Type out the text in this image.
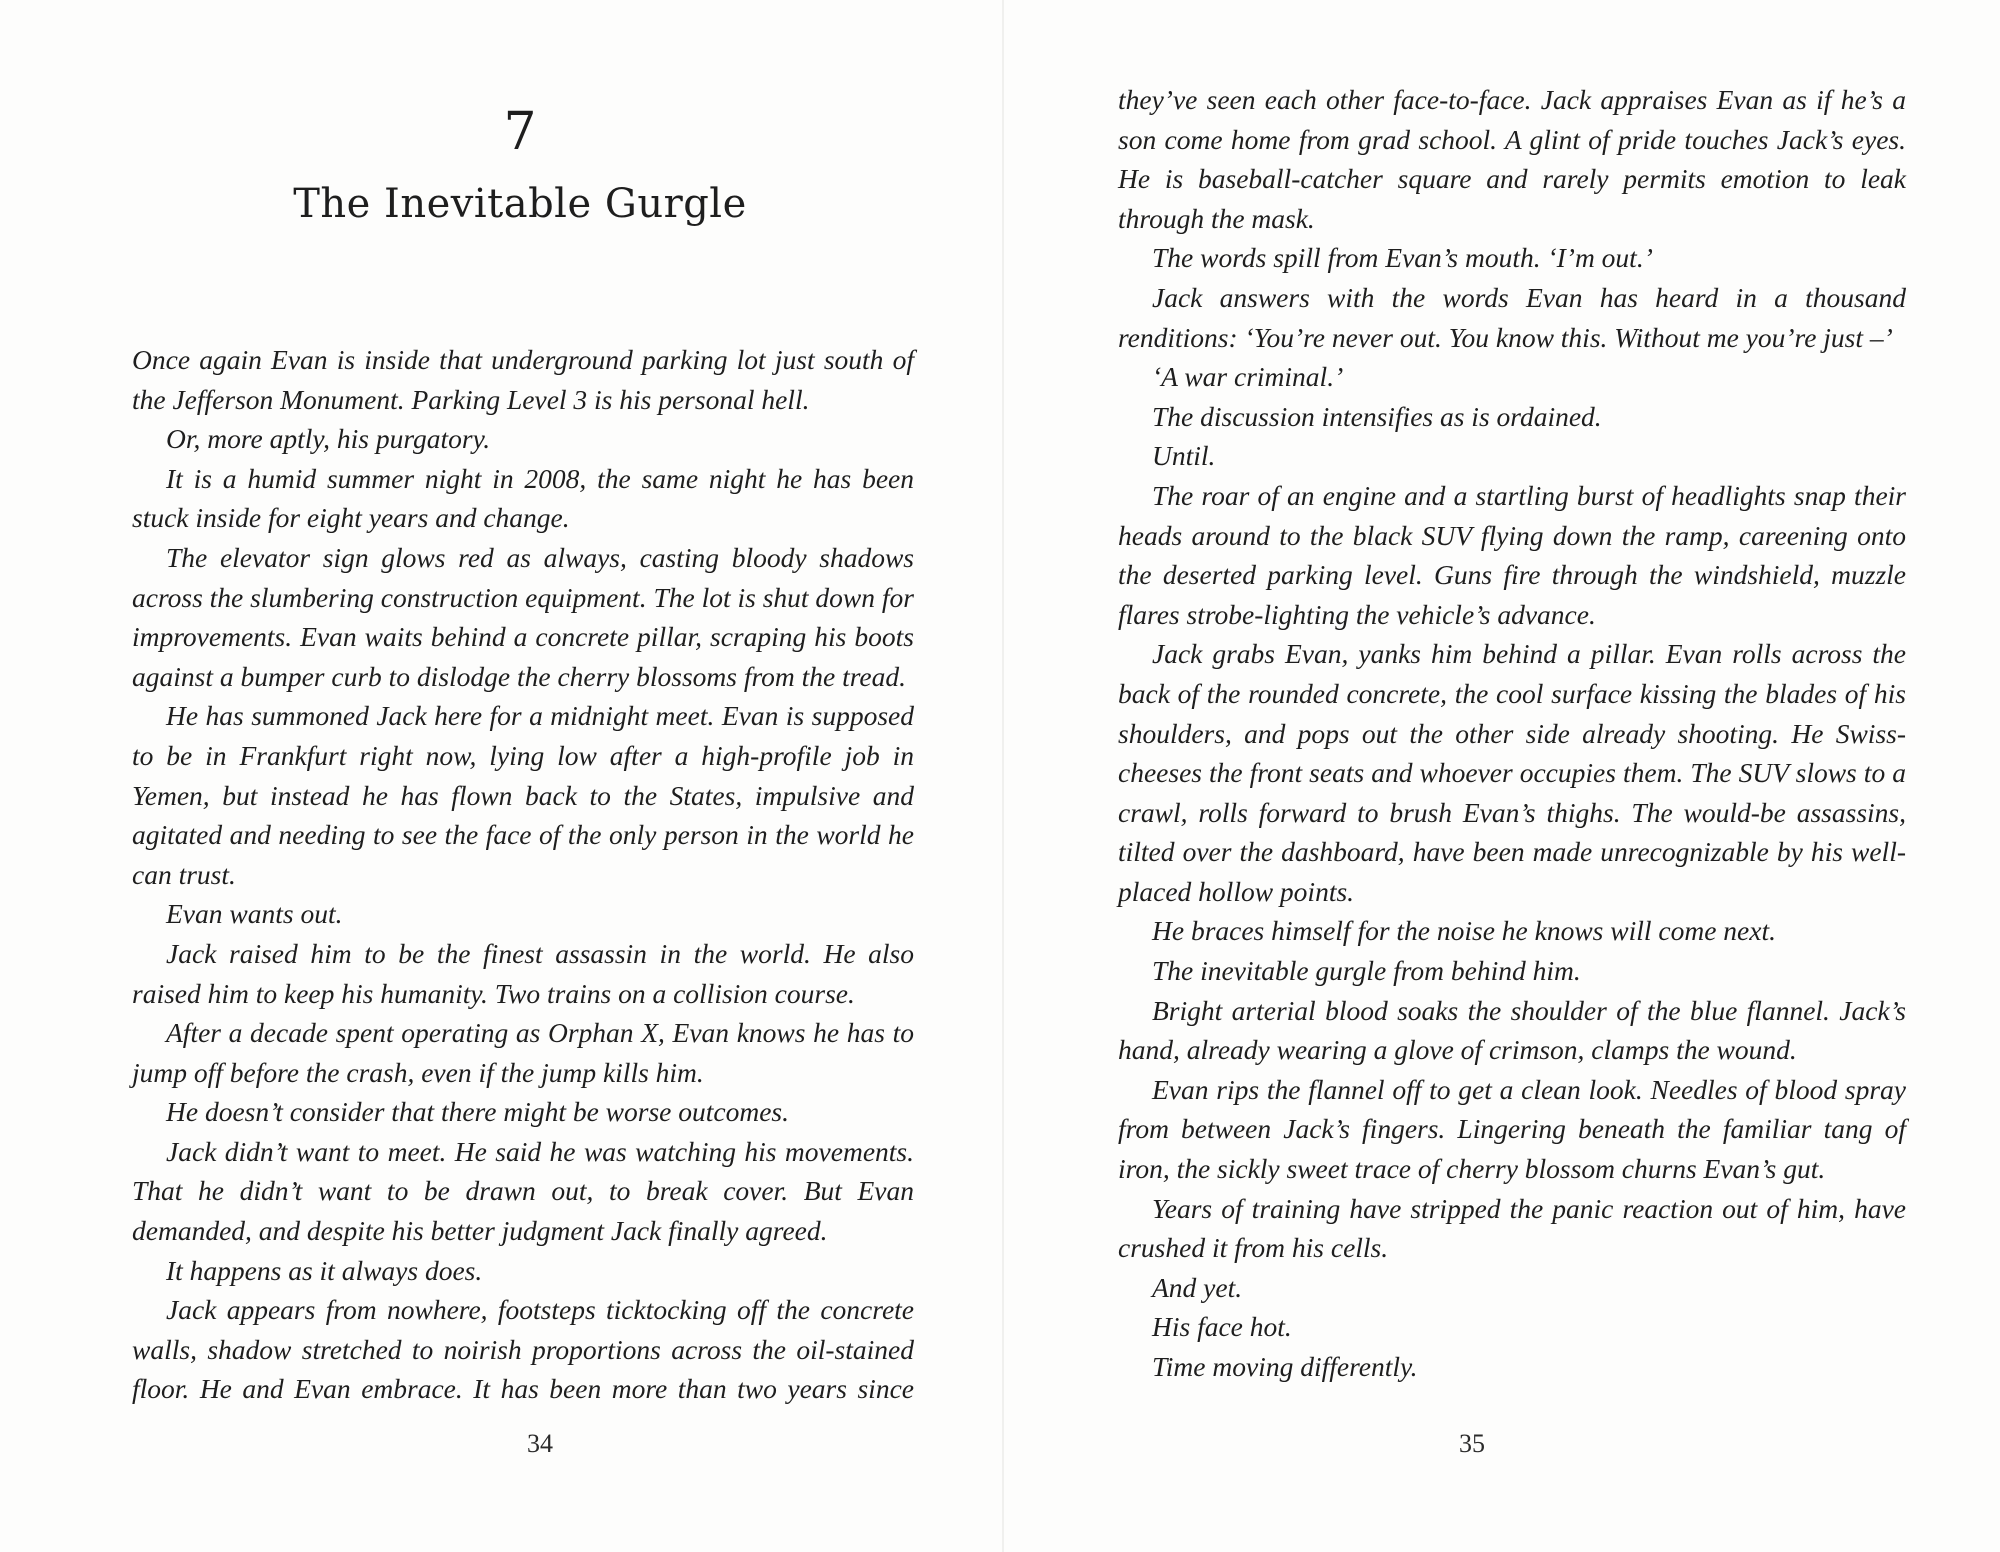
7
The Inevitable Gurgle

Once again Evan is inside that underground parking lot just south of the Jefferson Monument. Parking Level 3 is his personal hell.

Or, more aptly, his purgatory.

It is a humid summer night in 2008, the same night he has been stuck inside for eight years and change.

The elevator sign glows red as always, casting bloody shadows across the slumbering construction equipment. The lot is shut down for improvements. Evan waits behind a concrete pillar, scraping his boots against a bumper curb to dislodge the cherry blossoms from the tread.

He has summoned Jack here for a midnight meet. Evan is supposed to be in Frankfurt right now, lying low after a high-profile job in Yemen, but instead he has flown back to the States, impulsive and agitated and needing to see the face of the only person in the world he can trust.

Evan wants out.

Jack raised him to be the finest assassin in the world. He also raised him to keep his humanity. Two trains on a collision course.

After a decade spent operating as Orphan X, Evan knows he has to jump off before the crash, even if the jump kills him.

He doesn’t consider that there might be worse outcomes.

Jack didn’t want to meet. He said he was watching his movements. That he didn’t want to be drawn out, to break cover. But Evan demanded, and despite his better judgment Jack finally agreed.

It happens as it always does.

Jack appears from nowhere, footsteps ticktocking off the concrete walls, shadow stretched to noirish proportions across the oil-stained floor. He and Evan embrace. It has been more than two years since

34

they’ve seen each other face-to-face. Jack appraises Evan as if he’s a son come home from grad school. A glint of pride touches Jack’s eyes. He is baseball-catcher square and rarely permits emotion to leak through the mask.

The words spill from Evan’s mouth. ‘I’m out.’

Jack answers with the words Evan has heard in a thousand renditions: ‘You’re never out. You know this. Without me you’re just –’

‘A war criminal.’

The discussion intensifies as is ordained.

Until.

The roar of an engine and a startling burst of headlights snap their heads around to the black SUV flying down the ramp, careening onto the deserted parking level. Guns fire through the windshield, muzzle flares strobe-lighting the vehicle’s advance.

Jack grabs Evan, yanks him behind a pillar. Evan rolls across the back of the rounded concrete, the cool surface kissing the blades of his shoulders, and pops out the other side already shooting. He Swiss-cheeses the front seats and whoever occupies them. The SUV slows to a crawl, rolls forward to brush Evan’s thighs. The would-be assassins, tilted over the dashboard, have been made unrecognizable by his well-placed hollow points.

He braces himself for the noise he knows will come next.

The inevitable gurgle from behind him.

Bright arterial blood soaks the shoulder of the blue flannel. Jack’s hand, already wearing a glove of crimson, clamps the wound.

Evan rips the flannel off to get a clean look. Needles of blood spray from between Jack’s fingers. Lingering beneath the familiar tang of iron, the sickly sweet trace of cherry blossom churns Evan’s gut.

Years of training have stripped the panic reaction out of him, have crushed it from his cells.

And yet.

His face hot.

Time moving differently.

35
